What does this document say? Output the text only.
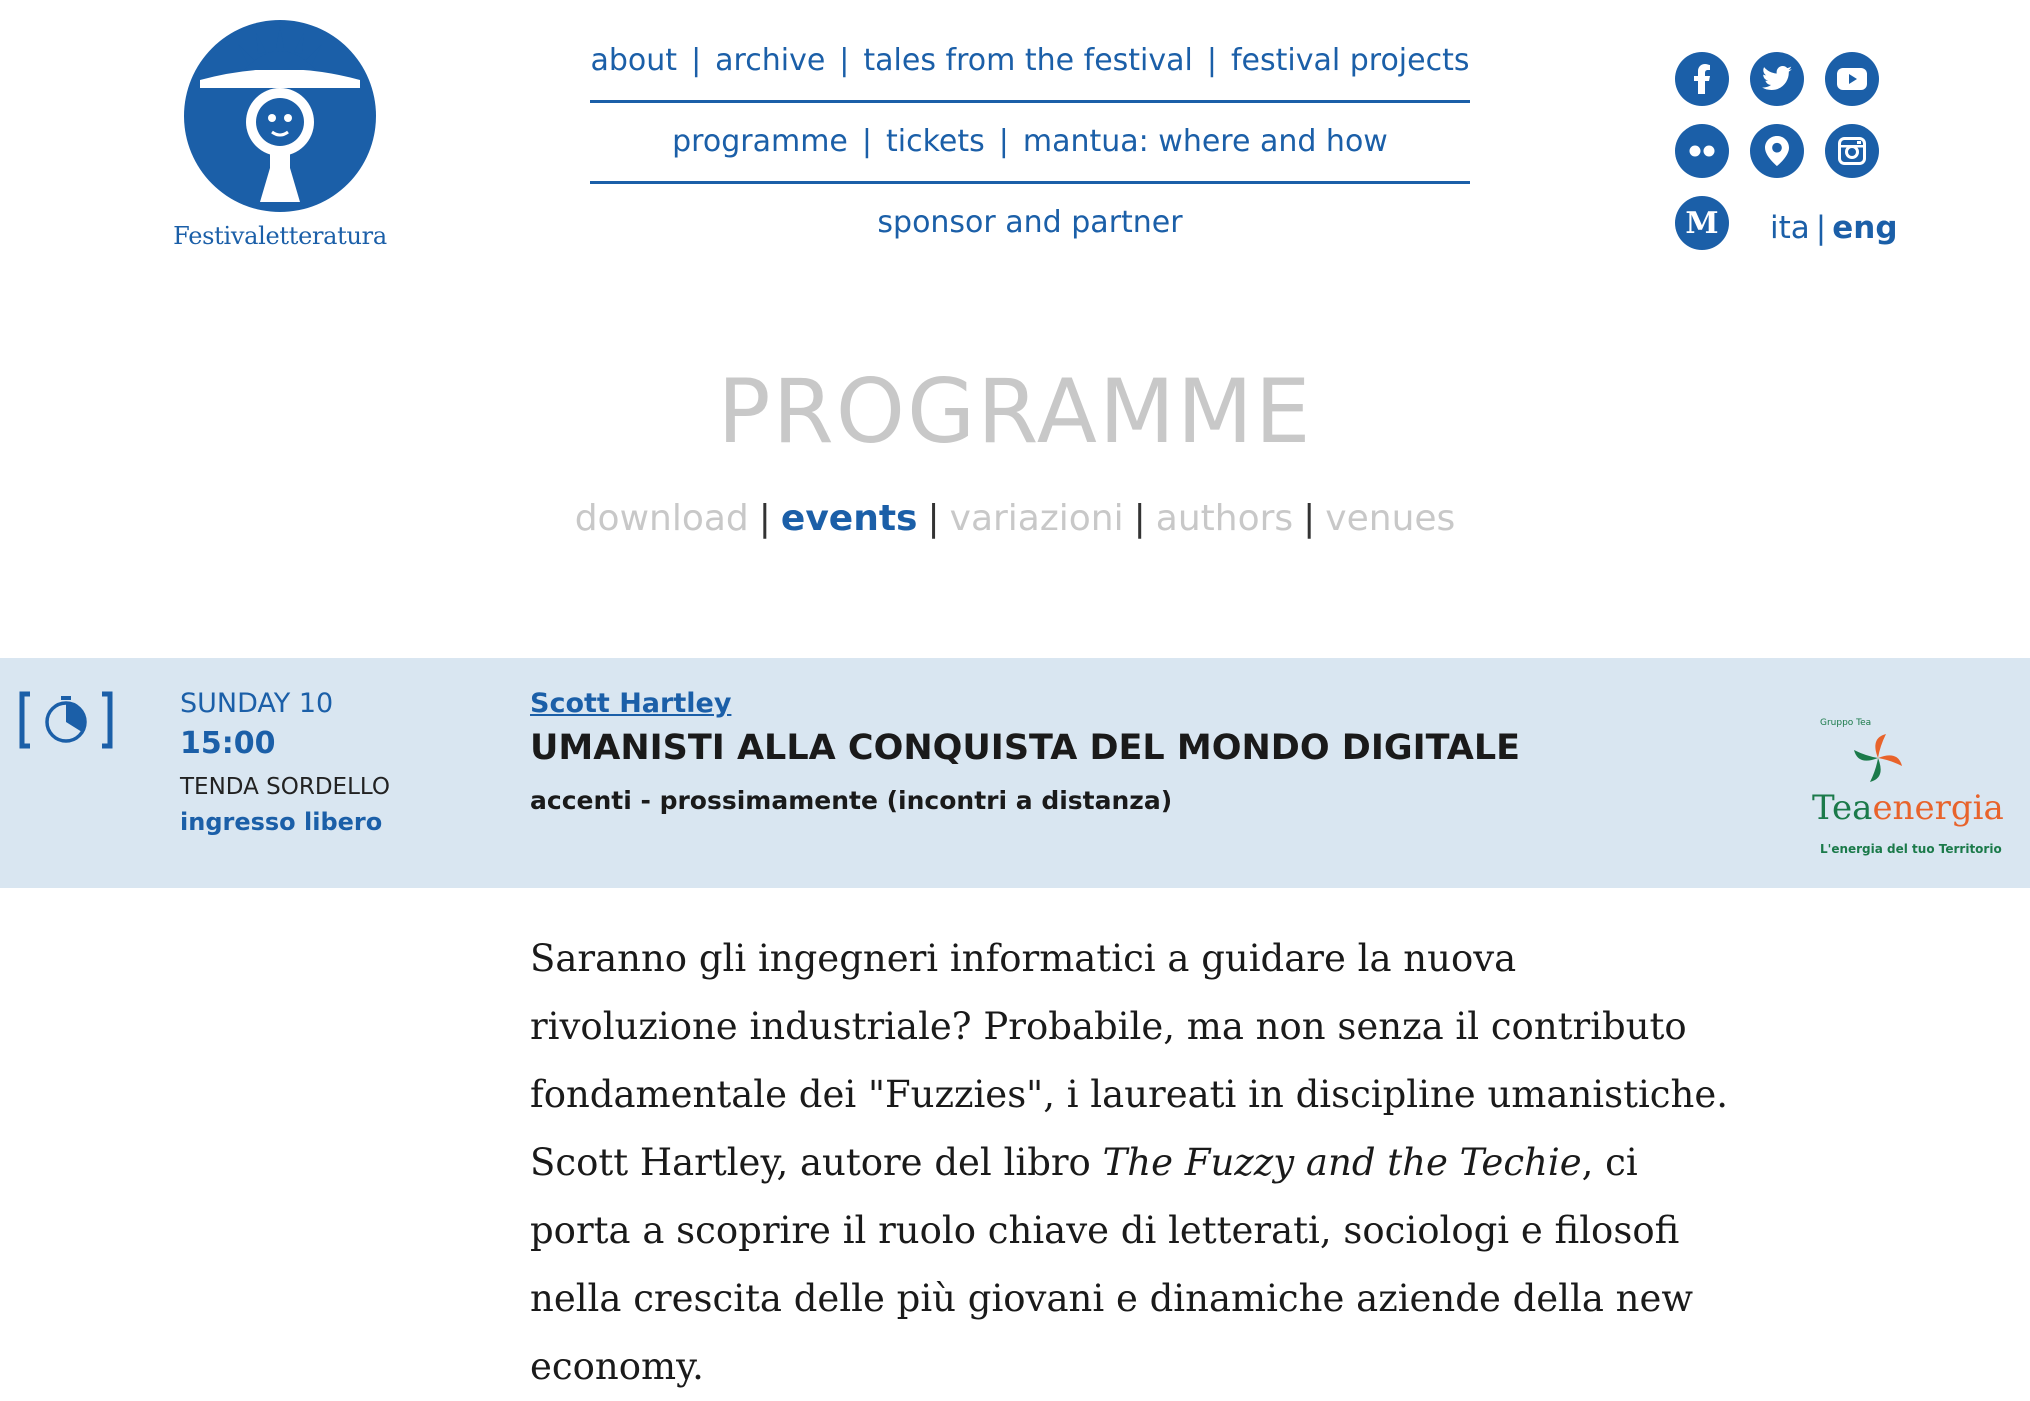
Festivaletteratura
about | archive | tales from the festival | festival projects
programme | tickets | mantua: where and how
sponsor and partner	M ita | eng
PROGRAMME
download | events | variazioni | authors | venues
SUNDAY 10
15:00
TENDA SORDELLO
ingresso libero
Scott Hartley
UMANISTI ALLA CONQUISTA DEL MONDO DIGITALE
accenti - prossimamente (incontri a distanza)
Gruppo Tea
Teaenergia
L'energia del tuo Territorio

Saranno gli ingegneri informatici a guidare la nuova rivoluzione industriale? Probabile, ma non senza il contributo fondamentale dei "Fuzzies", i laureati in discipline umanistiche. Scott Hartley, autore del libro The Fuzzy and the Techie, ci porta a scoprire il ruolo chiave di letterati, sociologi e filosofi nella crescita delle più giovani e dinamiche aziende della new economy.
